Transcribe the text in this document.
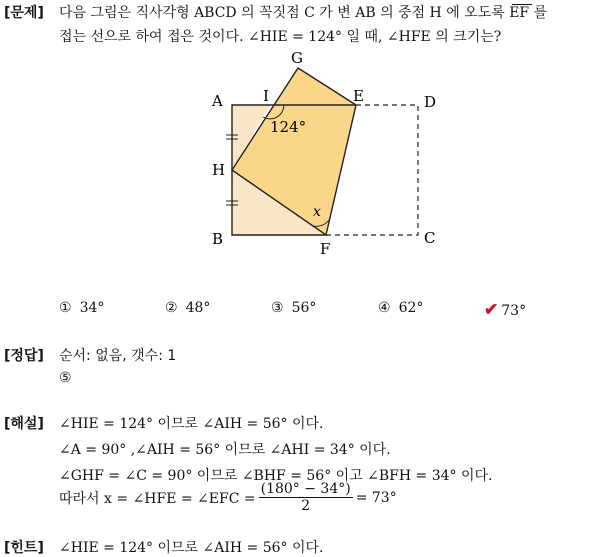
[문제] 다음 그림은 직사각형 ABCD 의 꼭짓점 C 가 변 AB 의 중점 H 에 오도록 EF 를
접는 선으로 하여 접은 것이다. ∠HIE = 124° 일 때, ∠HFE 의 크기는?
G
A	I	E	D
H
B
F
C
124°
x
① 34°	② 48°	③ 56°	④ 62°	✔ 73°
[정답] 순서: 없음, 갯수: 1
⑤
[해설] ∠HIE = 124° 이므로 ∠AIH = 56° 이다.
∠A = 90° ,∠AIH = 56° 이므로 ∠AHI = 34° 이다.
∠GHF = ∠C = 90° 이므로 ∠BHF = 56° 이고 ∠BFH = 34° 이다.
따라서 x = ∠HFE = ∠EFC = $\frac{(180^\circ - 34^\circ)}{2} = 73^\circ$
[힌트] ∠HIE = 124° 이므로 ∠AIH = 56° 이다.
